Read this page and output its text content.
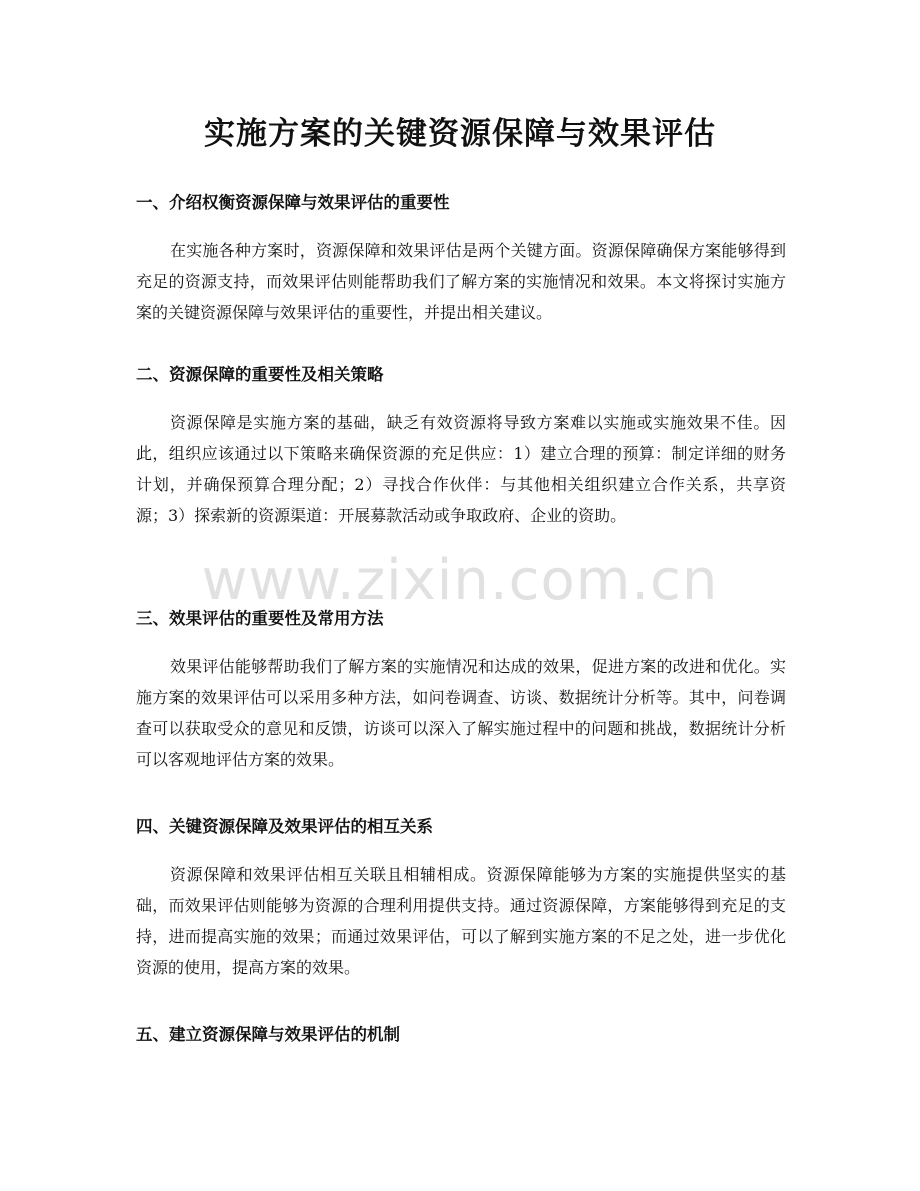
实施方案的关键资源保障与效果评估
一、介绍权衡资源保障与效果评估的重要性

在实施各种方案时，资源保障和效果评估是两个关键方面。资源保障确保方案能够得到充足的资源支持，而效果评估则能帮助我们了解方案的实施情况和效果。本文将探讨实施方案的关键资源保障与效果评估的重要性，并提出相关建议。

二、资源保障的重要性及相关策略

资源保障是实施方案的基础，缺乏有效资源将导致方案难以实施或实施效果不佳。因此，组织应该通过以下策略来确保资源的充足供应：1）建立合理的预算：制定详细的财务计划，并确保预算合理分配；2）寻找合作伙伴：与其他相关组织建立合作关系，共享资源；3）探索新的资源渠道：开展募款活动或争取政府、企业的资助。

三、效果评估的重要性及常用方法

效果评估能够帮助我们了解方案的实施情况和达成的效果，促进方案的改进和优化。实施方案的效果评估可以采用多种方法，如问卷调查、访谈、数据统计分析等。其中，问卷调查可以获取受众的意见和反馈，访谈可以深入了解实施过程中的问题和挑战，数据统计分析可以客观地评估方案的效果。

四、关键资源保障及效果评估的相互关系

资源保障和效果评估相互关联且相辅相成。资源保障能够为方案的实施提供坚实的基础，而效果评估则能够为资源的合理利用提供支持。通过资源保障，方案能够得到充足的支持，进而提高实施的效果；而通过效果评估，可以了解到实施方案的不足之处，进一步优化资源的使用，提高方案的效果。

五、建立资源保障与效果评估的机制
www.zixin.com.cn
